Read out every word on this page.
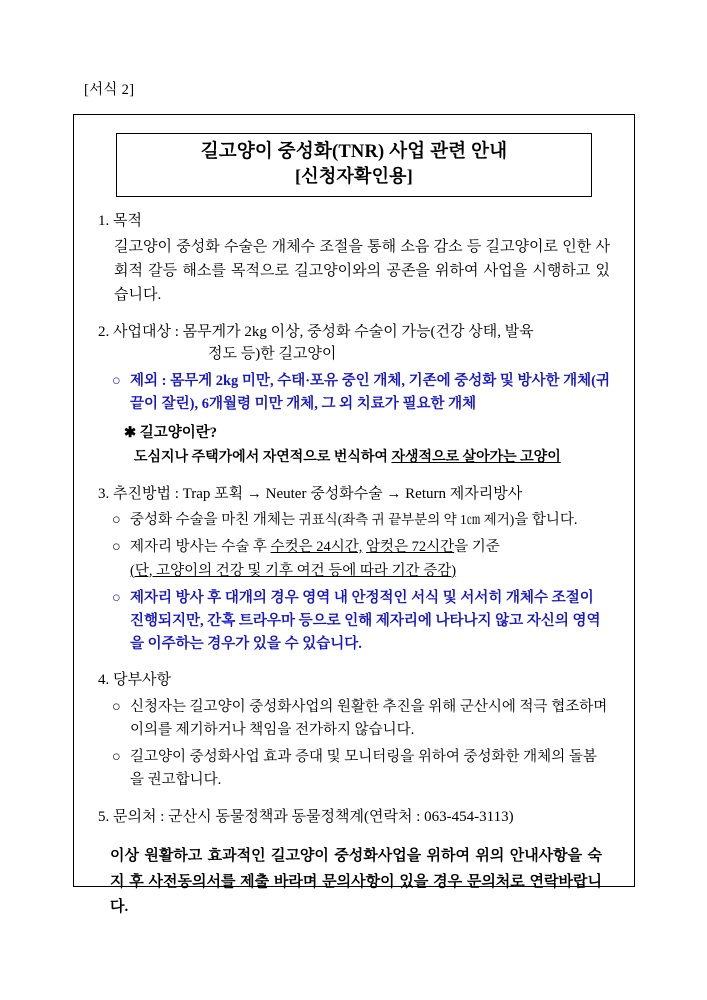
[서식 2]
길고양이 중성화(TNR) 사업 관련 안내
[신청자확인용]
1. 목적
길고양이 중성화 수술은 개체수 조절을 통해 소음 감소 등 길고양이로 인한 사회적 갈등 해소를 목적으로 길고양이와의 공존을 위하여 사업을 시행하고 있습니다.
2. 사업대상 : 몸무게가 2kg 이상, 중성화 수술이 가능(건강 상태, 발육
정도 등)한 길고양이
○ 제외 : 몸무게 2kg 미만, 수태·포유 중인 개체, 기존에 중성화 및 방사한 개체(귀 끝이 잘린), 6개월령 미만 개체, 그 외 치료가 필요한 개체
✱ 길고양이란?
도심지나 주택가에서 자연적으로 번식하여 자생적으로 살아가는 고양이
3. 추진방법 : Trap 포획 → Neuter 중성화수술 → Return 제자리방사
○ 중성화 수술을 마친 개체는 귀표식(좌측 귀 끝부분의 약 1㎝ 제거)을 합니다.
○ 제자리 방사는 수술 후 수컷은 24시간, 암컷은 72시간을 기준
(단, 고양이의 건강 및 기후 여건 등에 따라 기간 증감)
○ 제자리 방사 후 대개의 경우 영역 내 안정적인 서식 및 서서히 개체수 조절이 진행되지만, 간혹 트라우마 등으로 인해 제자리에 나타나지 않고 자신의 영역을 이주하는 경우가 있을 수 있습니다.
4. 당부사항
○ 신청자는 길고양이 중성화사업의 원활한 추진을 위해 군산시에 적극 협조하며 이의를 제기하거나 책임을 전가하지 않습니다.
○ 길고양이 중성화사업 효과 증대 및 모니터링을 위하여 중성화한 개체의 돌봄을 권고합니다.
5. 문의처 : 군산시 동물정책과 동물정책계(연락처 : 063-454-3113)
이상 원활하고 효과적인 길고양이 중성화사업을 위하여 위의 안내사항을 숙지 후 사전동의서를 제출 바라며 문의사항이 있을 경우 문의처로 연락바랍니다.
